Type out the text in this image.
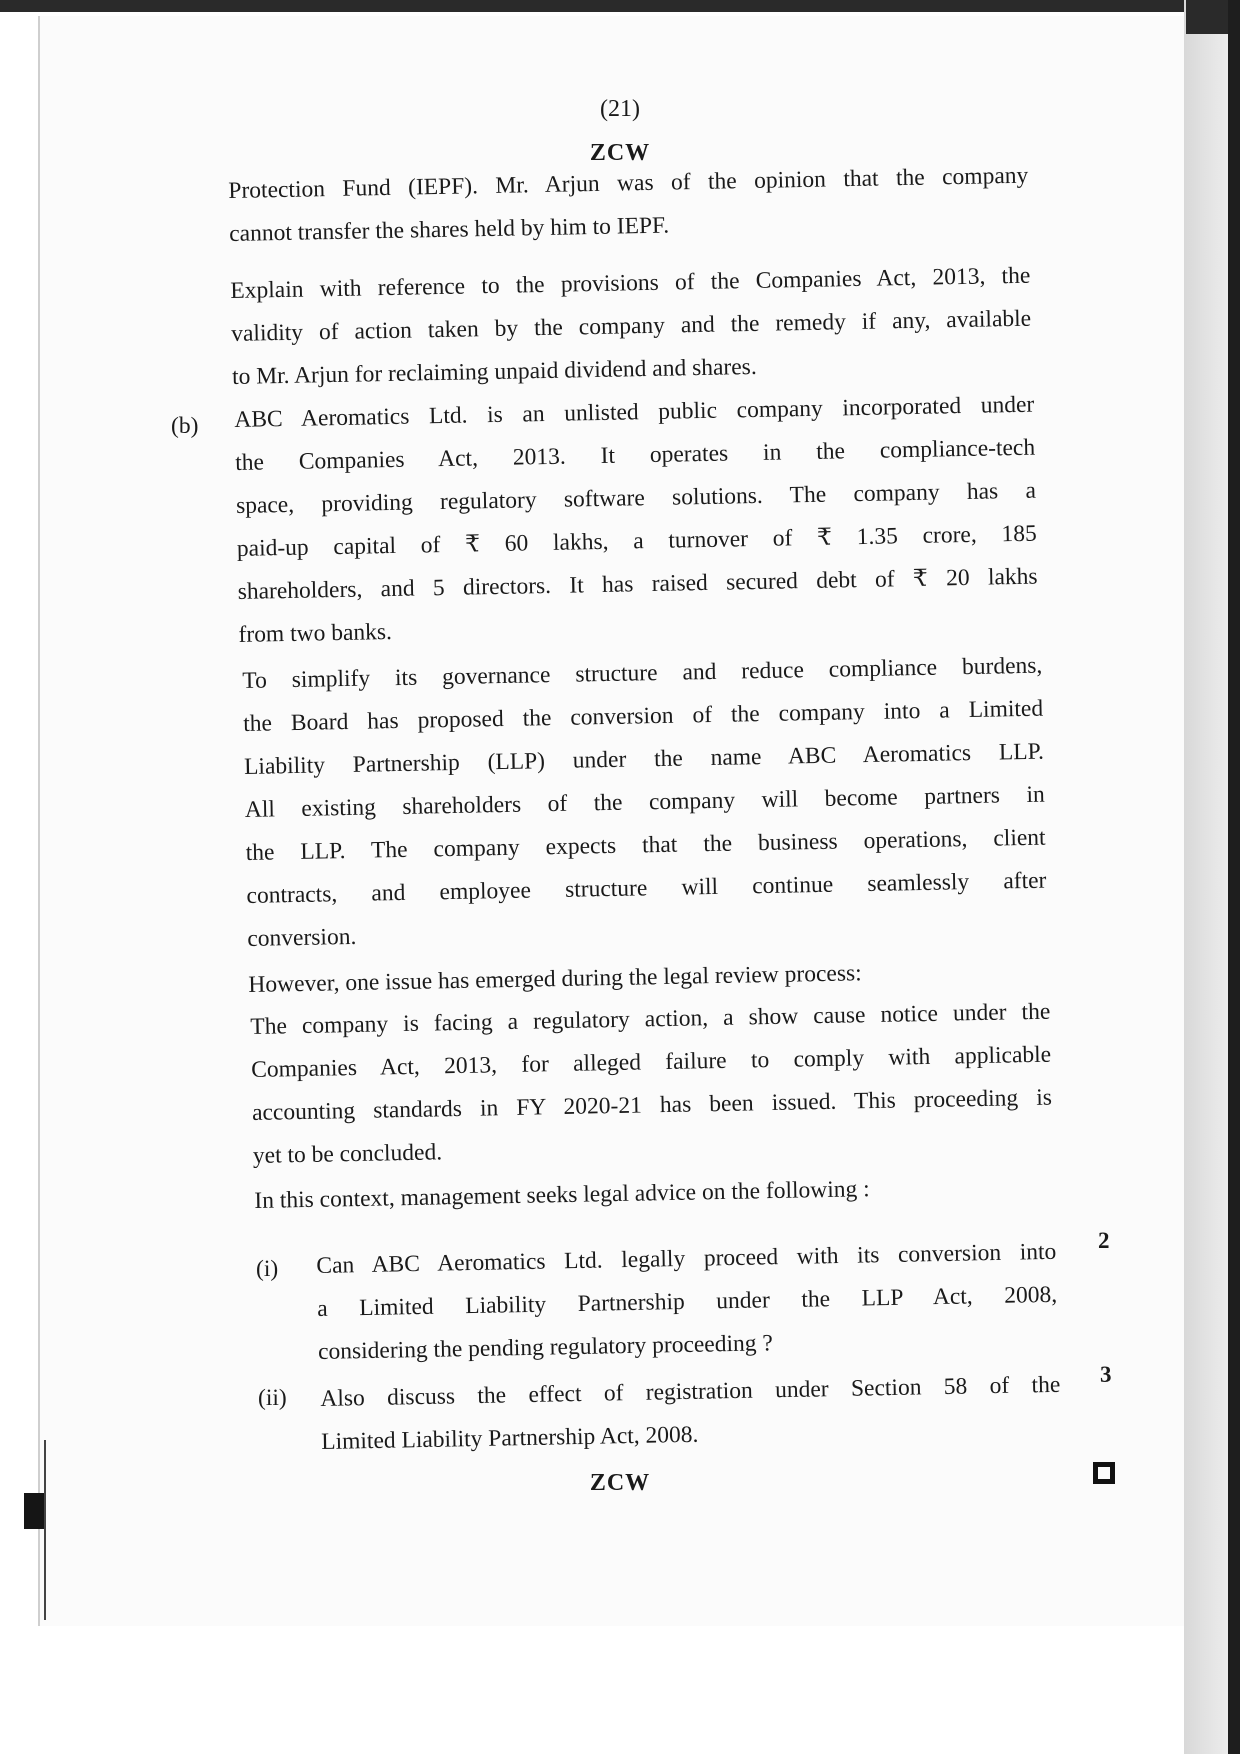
(21)
ZCW

Protection Fund (IEPF). Mr. Arjun was of the opinion that the company

cannot transfer the shares held by him to IEPF.

Explain with reference to the provisions of the Companies Act, 2013, the

validity of action taken by the company and the remedy if any, available

to Mr. Arjun for reclaiming unpaid dividend and shares.

(b) ABC Aeromatics Ltd. is an unlisted public company incorporated under

the Companies Act, 2013. It operates in the compliance-tech

space, providing regulatory software solutions. The company has a

paid-up capital of ₹ 60 lakhs, a turnover of ₹ 1.35 crore, 185

shareholders, and 5 directors. It has raised secured debt of ₹ 20 lakhs

from two banks.

To simplify its governance structure and reduce compliance burdens,

the Board has proposed the conversion of the company into a Limited

Liability Partnership (LLP) under the name ABC Aeromatics LLP.

All existing shareholders of the company will become partners in

the LLP. The company expects that the business operations, client

contracts, and employee structure will continue seamlessly after

conversion.

However, one issue has emerged during the legal review process:

The company is facing a regulatory action, a show cause notice under the

Companies Act, 2013, for alleged failure to comply with applicable

accounting standards in FY 2020-21 has been issued. This proceeding is

yet to be concluded.

In this context, management seeks legal advice on the following :

(i) Can ABC Aeromatics Ltd. legally proceed with its conversion into

a Limited Liability Partnership under the LLP Act, 2008,

considering the pending regulatory proceeding ?

2
(ii) Also discuss the effect of registration under Section 58 of the

Limited Liability Partnership Act, 2008.

3
ZCW
